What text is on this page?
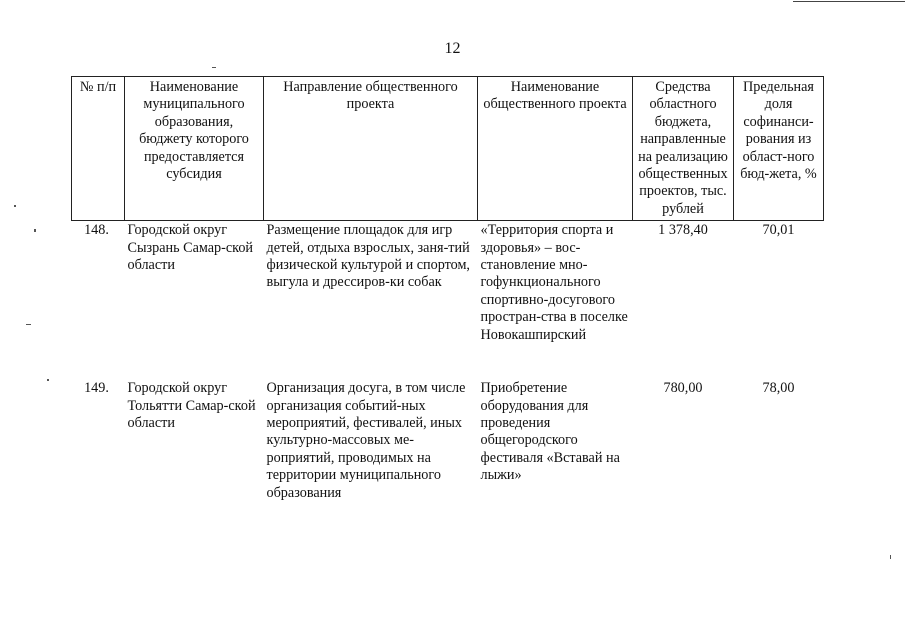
12
№ п/п	Наименование муниципального образования, бюджету которого предоставляется субсидия	Направление общественного проекта	Наименование общественного проекта	Средства областного бюджета, направленные на реализацию общественных проектов, тыс. рублей	Предельная доля софинанси-рования из област-ного бюд-жета, %
148.	Городской округ Сызрань Самар-ской области	Размещение площадок для игр детей, отдыха взрослых, заня-тий физической культурой и спортом, выгула и дрессиров-ки собак	«Территория спорта и здоровья» – вос-становление мно-гофункционального спортивно-досугового простран-ства в поселке Новокашпирский	1 378,40	70,01
149.	Городской округ Тольятти Самар-ской области	Организация досуга, в том числе организация событий-ных мероприятий, фестивалей, иных культурно-массовых ме-роприятий, проводимых на территории муниципального образования	Приобретение оборудования для проведения общегородского фестиваля «Вставай на лыжи»	780,00	78,00
